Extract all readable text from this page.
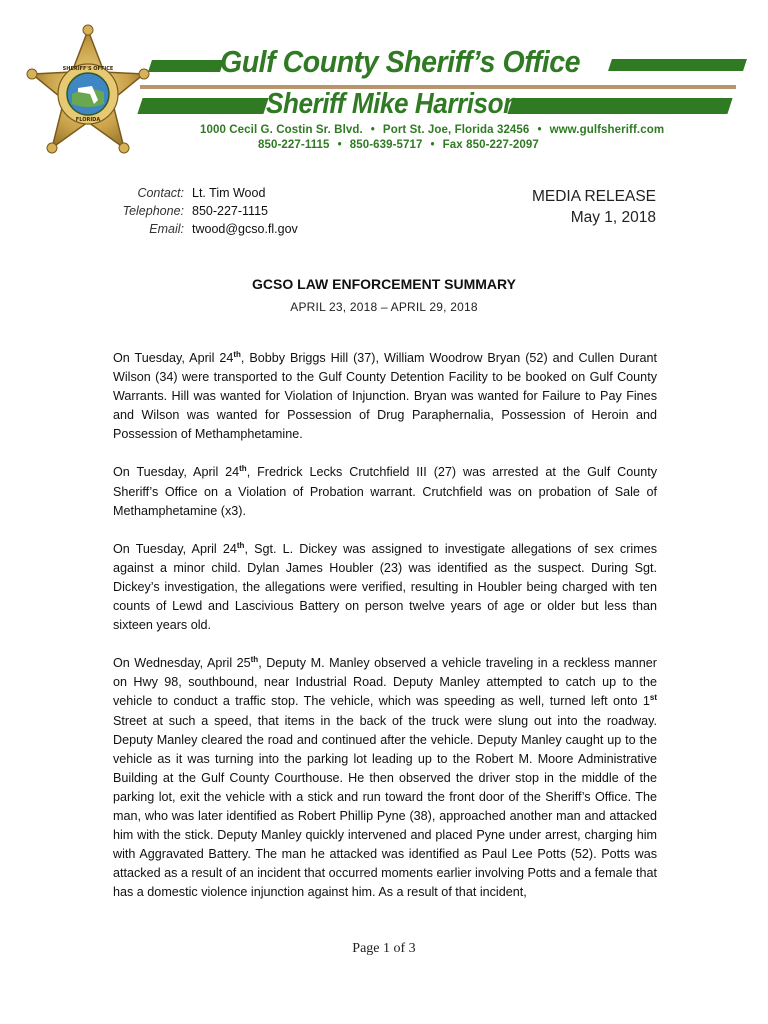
SHERIFF'S OFFICE
FLORIDA
Gulf County Sheriff’s Office
Sheriff Mike Harrison
1000 Cecil G. Costin Sr. Blvd. • Port St. Joe, Florida 32456 • www.gulfsheriff.com
850-227-1115 • 850-639-5717 • Fax 850-227-2097
Contact: Lt. Tim Wood
Telephone: 850-227-1115
Email: twood@gcso.fl.gov
MEDIA RELEASE
May 1, 2018
GCSO LAW ENFORCEMENT SUMMARY
APRIL 23, 2018 – APRIL 29, 2018

On Tuesday, April 24th, Bobby Briggs Hill (37), William Woodrow Bryan (52) and Cullen Durant Wilson (34) were transported to the Gulf County Detention Facility to be booked on Gulf County Warrants. Hill was wanted for Violation of Injunction. Bryan was wanted for Failure to Pay Fines and Wilson was wanted for Possession of Drug Paraphernalia, Possession of Heroin and Possession of Methamphetamine.

On Tuesday, April 24th, Fredrick Lecks Crutchfield III (27) was arrested at the Gulf County Sheriff’s Office on a Violation of Probation warrant. Crutchfield was on probation of Sale of Methamphetamine (x3).

On Tuesday, April 24th, Sgt. L. Dickey was assigned to investigate allegations of sex crimes against a minor child. Dylan James Houbler (23) was identified as the suspect. During Sgt. Dickey’s investigation, the allegations were verified, resulting in Houbler being charged with ten counts of Lewd and Lascivious Battery on person twelve years of age or older but less than sixteen years old.

On Wednesday, April 25th, Deputy M. Manley observed a vehicle traveling in a reckless manner on Hwy 98, southbound, near Industrial Road. Deputy Manley attempted to catch up to the vehicle to conduct a traffic stop. The vehicle, which was speeding as well, turned left onto 1st Street at such a speed, that items in the back of the truck were slung out into the roadway. Deputy Manley cleared the road and continued after the vehicle. Deputy Manley caught up to the vehicle as it was turning into the parking lot leading up to the Robert M. Moore Administrative Building at the Gulf County Courthouse. He then observed the driver stop in the middle of the parking lot, exit the vehicle with a stick and run toward the front door of the Sheriff’s Office. The man, who was later identified as Robert Phillip Pyne (38), approached another man and attacked him with the stick. Deputy Manley quickly intervened and placed Pyne under arrest, charging him with Aggravated Battery. The man he attacked was identified as Paul Lee Potts (52). Potts was attacked as a result of an incident that occurred moments earlier involving Potts and a female that has a domestic violence injunction against him. As a result of that incident,

Page 1 of 3
